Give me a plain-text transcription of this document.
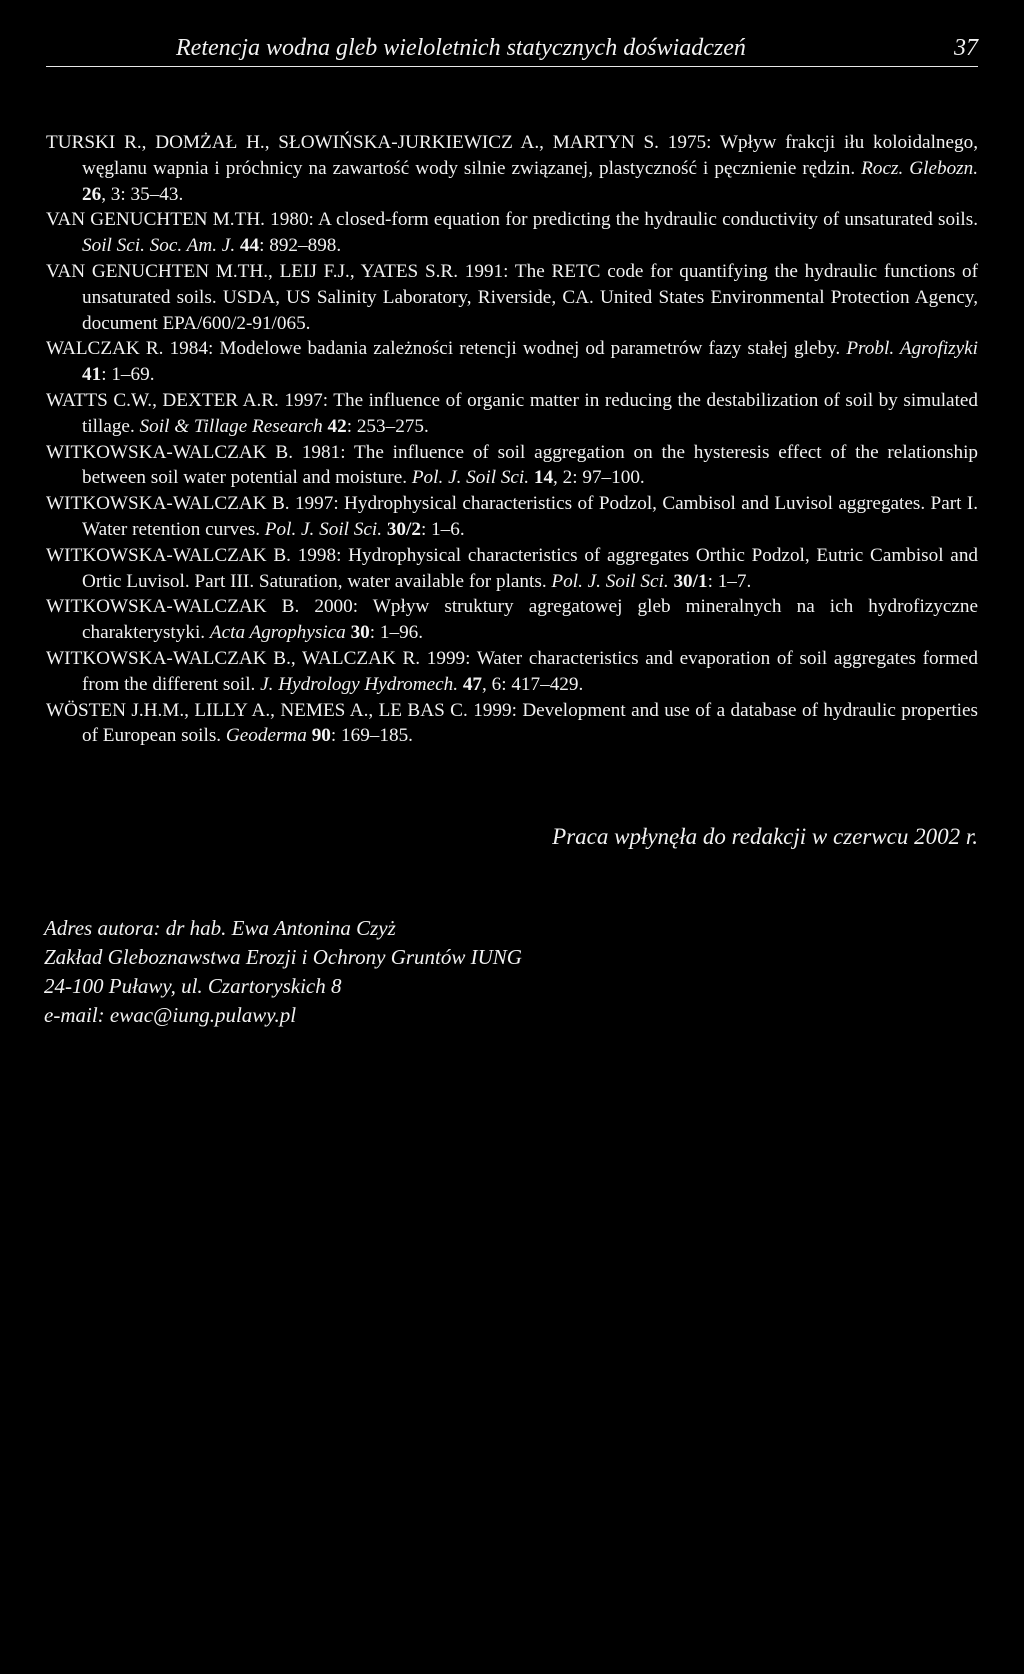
Retencja wodna gleb wieloletnich statycznych doświadczeń	37
TURSKI R., DOMŻAŁ H., SŁOWIŃSKA-JURKIEWICZ A., MARTYN S. 1975: Wpływ frakcji iłu koloidalnego, węglanu wapnia i próchnicy na zawartość wody silnie związanej, plastyczność i pęcznienie rędzin. Rocz. Glebozn. 26, 3: 35–43.
VAN GENUCHTEN M.TH. 1980: A closed-form equation for predicting the hydraulic conductivity of unsaturated soils. Soil Sci. Soc. Am. J. 44: 892–898.
VAN GENUCHTEN M.TH., LEIJ F.J., YATES S.R. 1991: The RETC code for quantifying the hydraulic functions of unsaturated soils. USDA, US Salinity Laboratory, Riverside, CA. United States Environmental Protection Agency, document EPA/600/2-91/065.
WALCZAK R. 1984: Modelowe badania zależności retencji wodnej od parametrów fazy stałej gleby. Probl. Agrofizyki 41: 1–69.
WATTS C.W., DEXTER A.R. 1997: The influence of organic matter in reducing the destabilization of soil by simulated tillage. Soil & Tillage Research 42: 253–275.
WITKOWSKA-WALCZAK B. 1981: The influence of soil aggregation on the hysteresis effect of the relationship between soil water potential and moisture. Pol. J. Soil Sci. 14, 2: 97–100.
WITKOWSKA-WALCZAK B. 1997: Hydrophysical characteristics of Podzol, Cambisol and Luvisol aggregates. Part I. Water retention curves. Pol. J. Soil Sci. 30/2: 1–6.
WITKOWSKA-WALCZAK B. 1998: Hydrophysical characteristics of aggregates Orthic Podzol, Eutric Cambisol and Ortic Luvisol. Part III. Saturation, water available for plants. Pol. J. Soil Sci. 30/1: 1–7.
WITKOWSKA-WALCZAK B. 2000: Wpływ struktury agregatowej gleb mineralnych na ich hydrofizyczne charakterystyki. Acta Agrophysica 30: 1–96.
WITKOWSKA-WALCZAK B., WALCZAK R. 1999: Water characteristics and evaporation of soil aggregates formed from the different soil. J. Hydrology Hydromech. 47, 6: 417–429.
WÖSTEN J.H.M., LILLY A., NEMES A., LE BAS C. 1999: Development and use of a database of hydraulic properties of European soils. Geoderma 90: 169–185.
Praca wpłynęła do redakcji w czerwcu 2002 r.
Adres autora: dr hab. Ewa Antonina Czyż
Zakład Gleboznawstwa Erozji i Ochrony Gruntów IUNG
24-100 Puławy, ul. Czartoryskich 8
e-mail: ewac@iung.pulawy.pl
